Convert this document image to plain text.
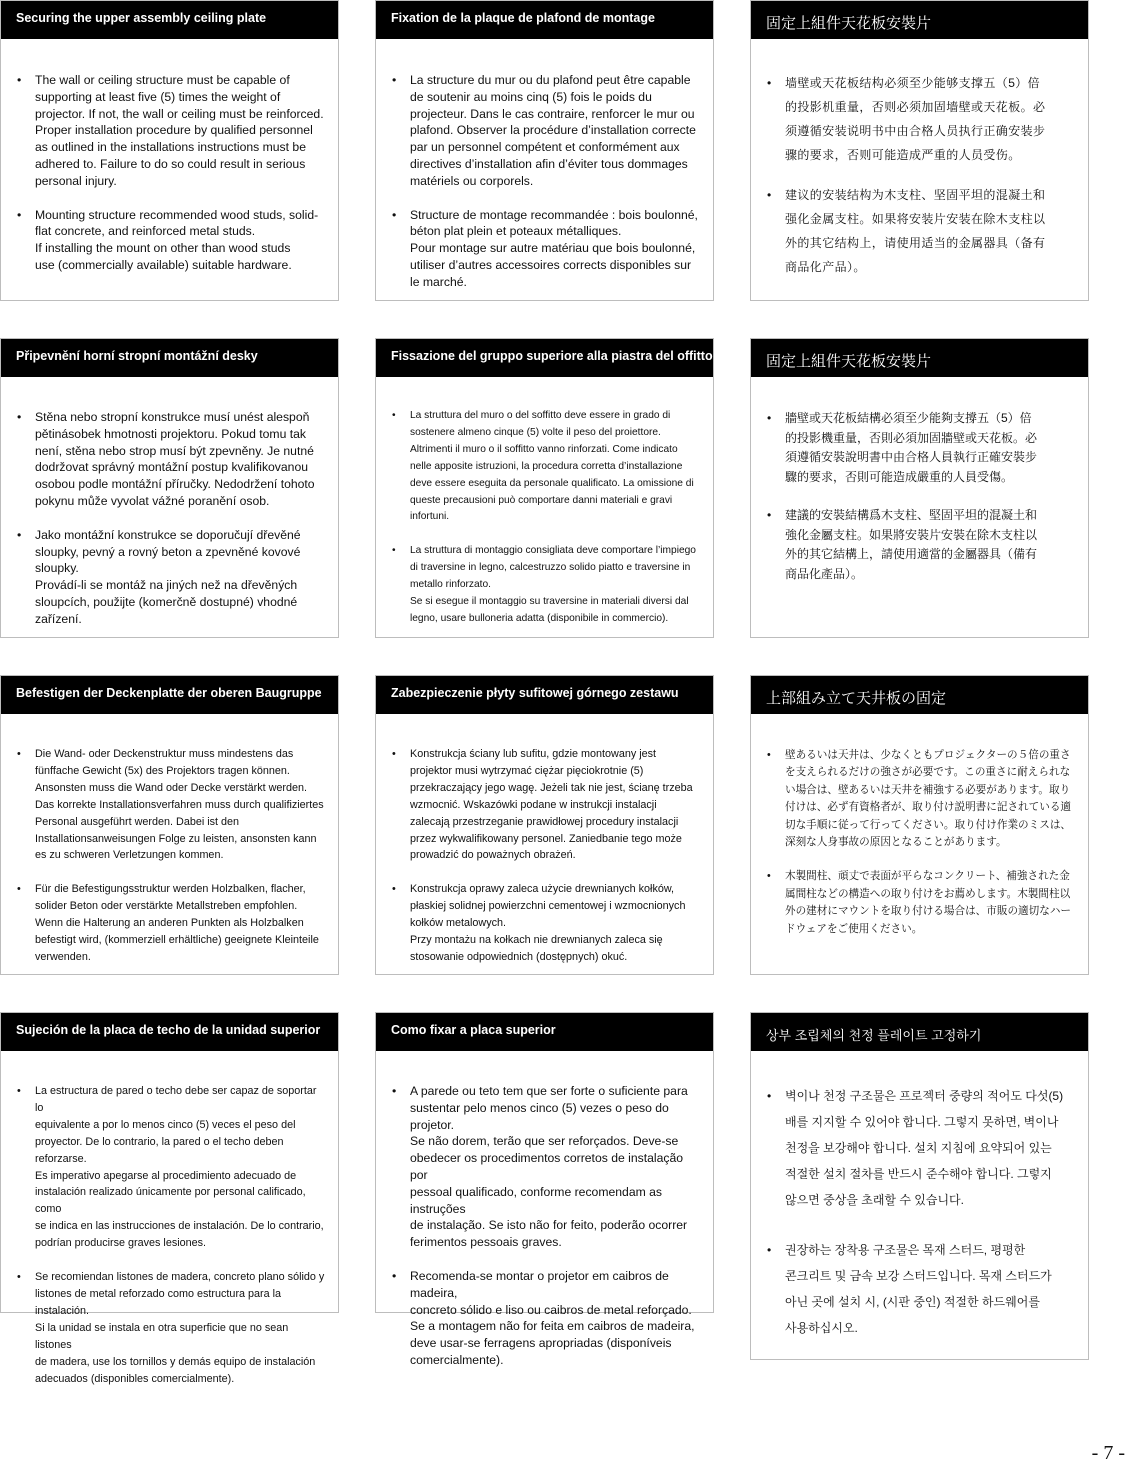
Securing the upper assembly ceiling plate
• The wall or ceiling structure must be capable of
supporting at least five (5) times the weight of
projector. If not, the wall or ceiling must be reinforced.
Proper installation procedure by qualified personnel
as outlined in the installations instructions must be
adhered to. Failure to do so could result in serious
personal injury.
• Mounting structure recommended wood studs, solid-
flat concrete, and reinforced metal studs.
If installing the mount on other than wood studs
use (commercially available) suitable hardware.
Fixation de la plaque de plafond de montage
• La structure du mur ou du plafond peut être capable
de soutenir au moins cinq (5) fois le poids du
projecteur. Dans le cas contraire, renforcer le mur ou
plafond. Observer la procédure d’installation correcte
par un personnel compétent et conformément aux
directives d’installation afin d’éviter tous dommages
matériels ou corporels.
• Structure de montage recommandée : bois boulonné,
béton plat plein et poteaux métalliques.
Pour montage sur autre matériau que bois boulonné,
utiliser d’autres accessoires corrects disponibles sur
le marché.
固定上組件天花板安裝片
• 墙壁或天花板结构必须至少能够支撑五（5）倍
的投影机重量，否则必须加固墙壁或天花板。必
须遵循安装说明书中由合格人员执行正确安装步
骤的要求，否则可能造成严重的人员受伤。
• 建议的安装结构为木支柱、坚固平坦的混凝土和
强化金属支柱。如果将安装片安装在除木支柱以
外的其它结构上，请使用适当的金属器具（备有
商品化产品）。
Připevnění horní stropní montážní desky
• Stěna nebo stropní konstrukce musí unést alespoň
pětinásobek hmotnosti projektoru. Pokud tomu tak
není, stěna nebo strop musí být zpevněny. Je nutné
dodržovat správný montážní postup kvalifikovanou
osobou podle montážní příručky. Nedodržení tohoto
pokynu může vyvolat vážné poranění osob.
• Jako montážní konstrukce se doporučují dřevěné
sloupky, pevný a rovný beton a zpevněné kovové
sloupky.
Provádí-li se montáž na jiných než na dřevěných
sloupcích, použijte (komerčně dostupné) vhodné
zařízení.
Fissazione del gruppo superiore alla piastra del offitto
• La struttura del muro o del soffitto deve essere in grado di
sostenere almeno cinque (5) volte il peso del proiettore.
Altrimenti il muro o il soffitto vanno rinforzati. Come indicato
nelle apposite istruzioni, la procedura corretta d’installazione
deve essere eseguita da personale qualificato. La omissione di
queste precausioni può comportare danni materiali e gravi
infortuni.
• La struttura di montaggio consigliata deve comportare l’impiego
di traversine in legno, calcestruzzo solido piatto e traversine in
metallo rinforzato.
Se si esegue il montaggio su traversine in materiali diversi dal
legno, usare bulloneria adatta (disponibile in commercio).
固定上組件天花板安裝片
• 牆壁或天花板結構必須至少能夠支撐五（5）倍
的投影機重量，否則必須加固牆壁或天花板。必
須遵循安裝說明書中由合格人員執行正確安裝步
驟的要求，否則可能造成嚴重的人員受傷。
• 建議的安裝結構爲木支柱、堅固平坦的混凝土和
強化金屬支柱。如果將安裝片安裝在除木支柱以
外的其它結構上，請使用適當的金屬器具（備有
商品化產品）。
Befestigen der Deckenplatte der oberen Baugruppe
• Die Wand- oder Deckenstruktur muss mindestens das
fünffache Gewicht (5x) des Projektors tragen können.
Ansonsten muss die Wand oder Decke verstärkt werden.
Das korrekte Installationsverfahren muss durch qualifiziertes
Personal ausgeführt werden. Dabei ist den
Installationsanweisungen Folge zu leisten, ansonsten kann
es zu schweren Verletzungen kommen.
• Für die Befestigungsstruktur werden Holzbalken, flacher,
solider Beton oder verstärkte Metallstreben empfohlen.
Wenn die Halterung an anderen Punkten als Holzbalken
befestigt wird, (kommerziell erhältliche) geeignete Kleinteile
verwenden.
Zabezpieczenie płyty sufitowej górnego zestawu
• Konstrukcja ściany lub sufitu, gdzie montowany jest
projektor musi wytrzymać ciężar pięciokrotnie (5)
przekraczający jego wagę. Jeżeli tak nie jest, ścianę trzeba
wzmocnić. Wskazówki podane w instrukcji instalacji
zalecają przestrzeganie prawidłowej procedury instalacji
przez wykwalifikowany personel. Zaniedbanie tego może
prowadzić do poważnych obrażeń.
• Konstrukcja oprawy zaleca użycie drewnianych kołków,
płaskiej solidnej powierzchni cementowej i wzmocnionych
kołków metalowych.
Przy montażu na kołkach nie drewnianych zaleca się
stosowanie odpowiednich (dostępnych) okuć.
上部組み立て天井板の固定
• 壁あるいは天井は、少なくともプロジェクターの５倍の重さ
を支えられるだけの強さが必要です。この重さに耐えられな
い場合は、壁あるいは天井を補強する必要があります。取り
付けは、必ず有資格者が、取り付け説明書に記されている適
切な手順に従って行ってください。取り付け作業のミスは、
深刻な人身事故の原因となることがあります。
• 木製間柱、頑丈で表面が平らなコンクリート、補強された金
属間柱などの構造への取り付けをお薦めします。木製間柱以
外の建材にマウントを取り付ける場合は、市販の適切なハー
ドウェアをご使用ください。
Sujeción de la placa de techo de la unidad superior
• La estructura de pared o techo debe ser capaz de soportar lo
equivalente a por lo menos cinco (5) veces el peso del
proyector. De lo contrario, la pared o el techo deben reforzarse.
Es imperativo apegarse al procedimiento adecuado de
instalación realizado únicamente por personal calificado, como
se indica en las instrucciones de instalación. De lo contrario,
podrían producirse graves lesiones.
• Se recomiendan listones de madera, concreto plano sólido y
listones de metal reforzado como estructura para la instalación.
Si la unidad se instala en otra superficie que no sean listones
de madera, use los tornillos y demás equipo de instalación
adecuados (disponibles comercialmente).
Como fixar a placa superior
• A parede ou teto tem que ser forte o suficiente para
sustentar pelo menos cinco (5) vezes o peso do projetor.
Se não dorem, terão que ser reforçados. Deve-se
obedecer os procedimentos corretos de instalação por
pessoal qualificado, conforme recomendam as instruções
de instalação. Se isto não for feito, poderão ocorrer
ferimentos pessoais graves.
• Recomenda-se montar o projetor em caibros de madeira,
concreto sólido e liso ou caibros de metal reforçado.
Se a montagem não for feita em caibros de madeira,
deve usar-se ferragens apropriadas (disponíveis
comercialmente).
상부 조립체의 천정 플레이트 고정하기
• 벽이나 천정 구조물은 프로젝터 중량의 적어도 다섯(5)
배를 지지할 수 있어야 합니다. 그렇지 못하면, 벽이나
천정을 보강해야 합니다. 설치 지침에 요약되어 있는
적절한 설치 절차를 반드시 준수해야 합니다. 그렇지
않으면 중상을 초래할 수 있습니다.
• 권장하는 장착용 구조물은 목재 스터드, 평평한
콘크리트 및 금속 보강 스터드입니다. 목재 스터드가
아닌 곳에 설치 시, (시판 중인) 적절한 하드웨어를
사용하십시오.
- 7 -
